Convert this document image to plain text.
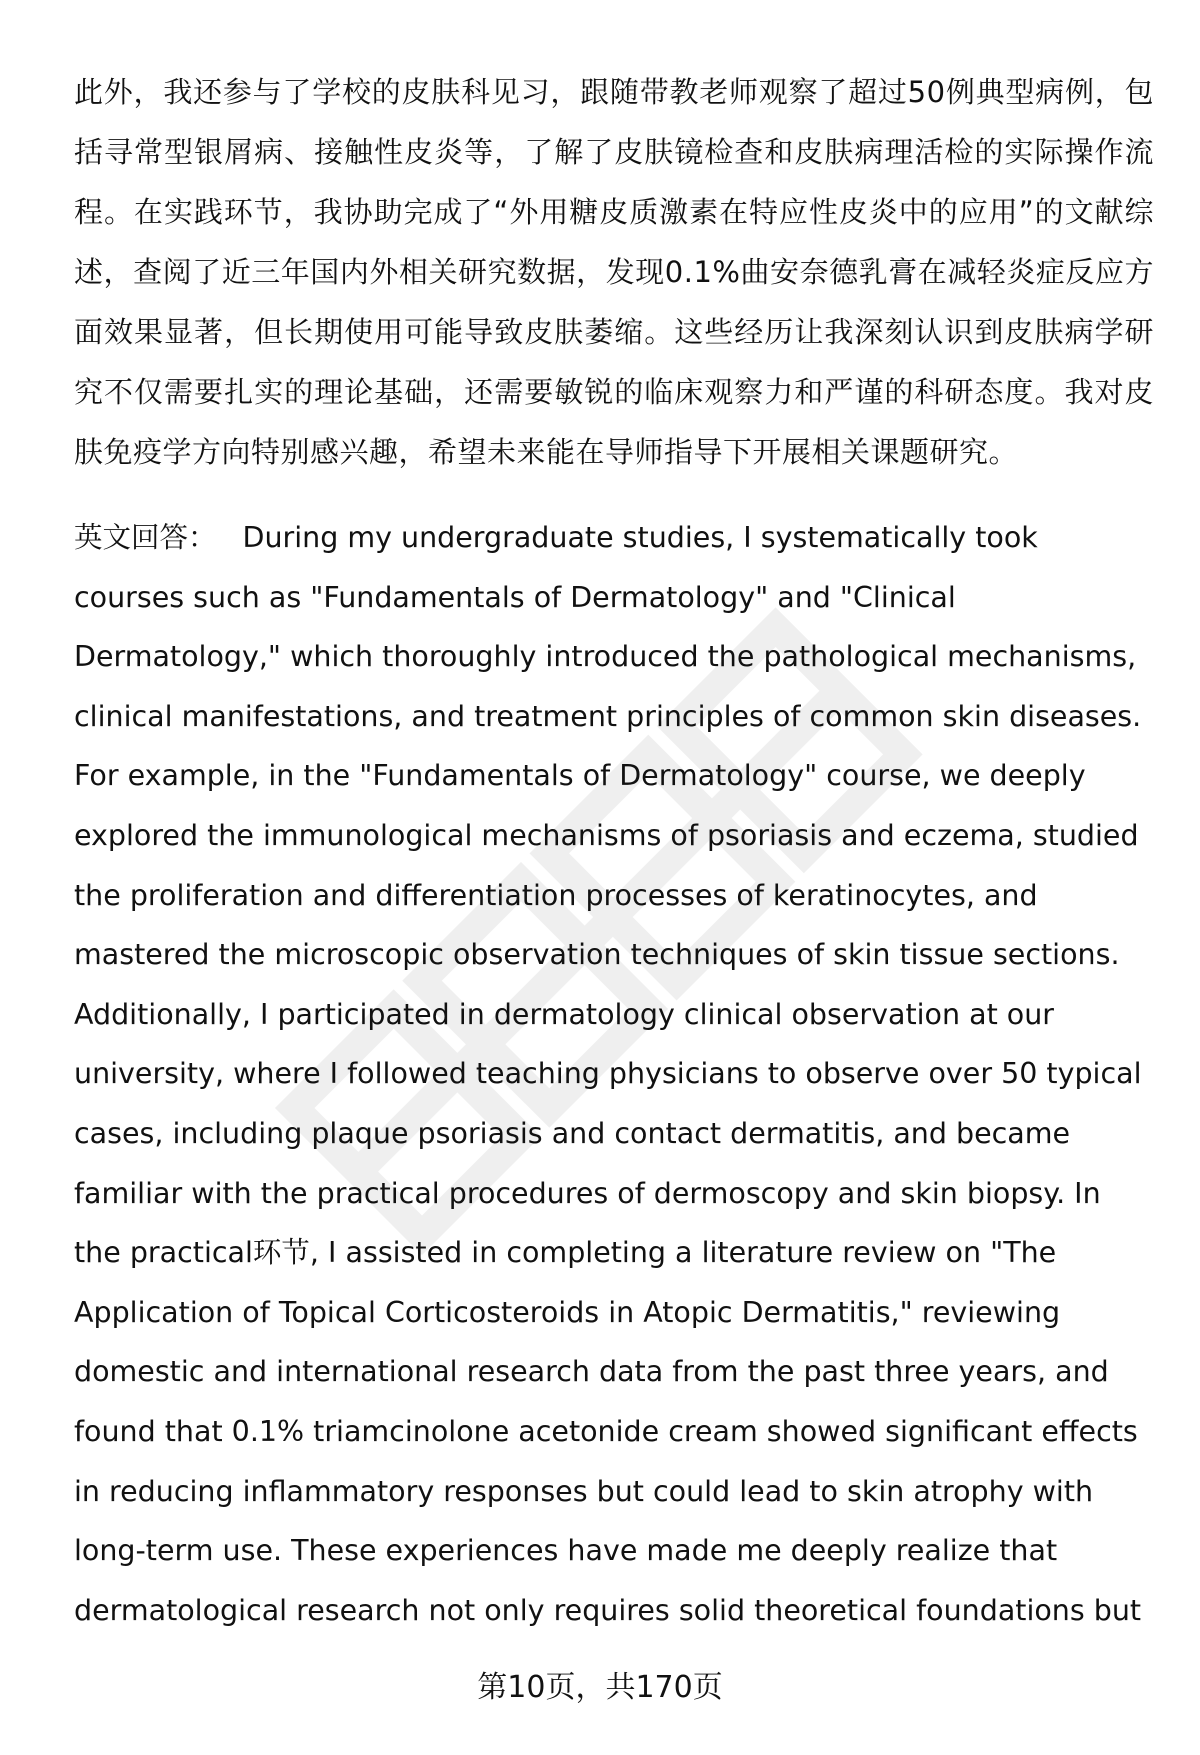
此外，我还参与了学校的皮肤科见习，跟随带教老师观察了超过50例典型病例，包括寻常型银屑病、接触性皮炎等，了解了皮肤镜检查和皮肤病理活检的实际操作流程。在实践环节，我协助完成了“外用糖皮质激素在特应性皮炎中的应用”的文献综述，查阅了近三年国内外相关研究数据，发现0.1%曲安奈德乳膏在减轻炎症反应方面效果显著，但长期使用可能导致皮肤萎缩。这些经历让我深刻认识到皮肤病学研究不仅需要扎实的理论基础，还需要敏锐的临床观察力和严谨的科研态度。我对皮肤免疫学方向特别感兴趣，希望未来能在导师指导下开展相关课题研究。

英文回答： During my undergraduate studies, I systematically took courses such as "Fundamentals of Dermatology" and "Clinical Dermatology," which thoroughly introduced the pathological mechanisms, clinical manifestations, and treatment principles of common skin diseases. For example, in the "Fundamentals of Dermatology" course, we deeply explored the immunological mechanisms of psoriasis and eczema, studied the proliferation and differentiation processes of keratinocytes, and mastered the microscopic observation techniques of skin tissue sections. Additionally, I participated in dermatology clinical observation at our university, where I followed teaching physicians to observe over 50 typical cases, including plaque psoriasis and contact dermatitis, and became familiar with the practical procedures of dermoscopy and skin biopsy. In the practical环节, I assisted in completing a literature review on "The Application of Topical Corticosteroids in Atopic Dermatitis," reviewing domestic and international research data from the past three years, and found that 0.1% triamcinolone acetonide cream showed significant effects in reducing inflammatory responses but could lead to skin atrophy with long-term use. These experiences have made me deeply realize that dermatological research not only requires solid theoretical foundations but

第10页，共170页
